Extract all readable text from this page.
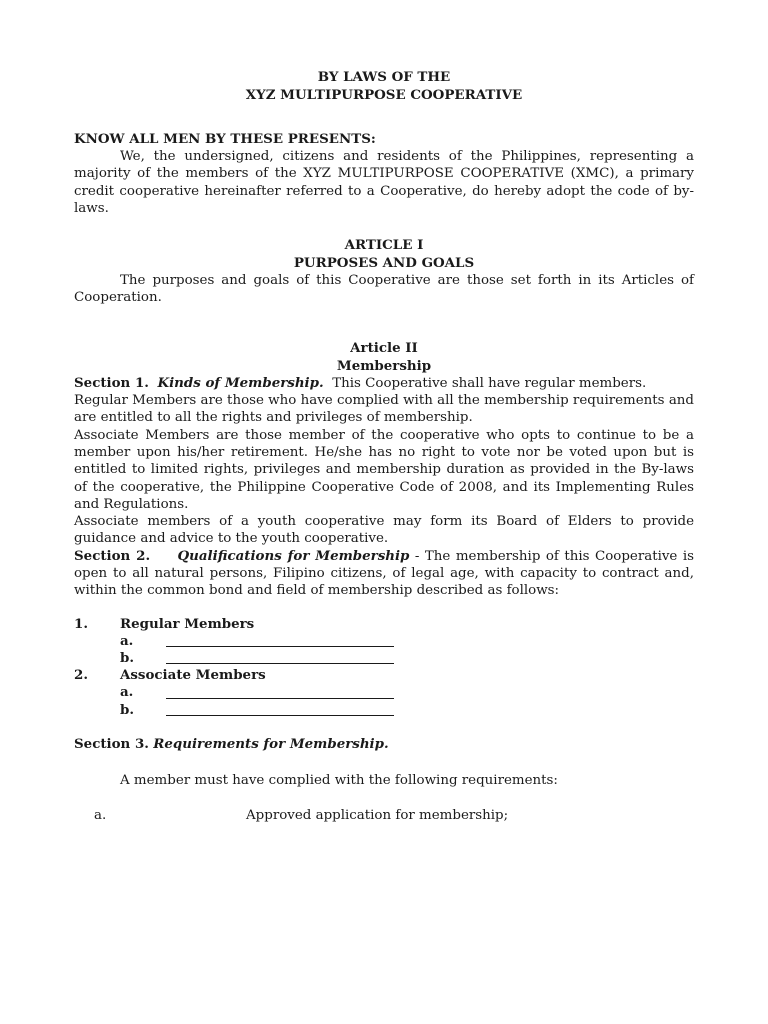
BY LAWS OF THE
XYZ MULTIPURPOSE COOPERATIVE
KNOW ALL MEN BY THESE PRESENTS:

We, the undersigned, citizens and residents of the Philippines, representing a majority of the members of the XYZ MULTIPURPOSE COOPERATIVE (XMC), a primary credit cooperative hereinafter referred to a Cooperative, do hereby adopt the code of by-laws.

ARTICLE I
PURPOSES AND GOALS

The purposes and goals of this Cooperative are those set forth in its Articles of Cooperation.

Article II
Membership

Section 1. Kinds of Membership. This Cooperative shall have regular members.

Regular Members are those who have complied with all the membership requirements and are entitled to all the rights and privileges of membership.

Associate Members are those member of the cooperative who opts to continue to be a member upon his/her retirement. He/she has no right to vote nor be voted upon but is entitled to limited rights, privileges and membership duration as provided in the By-laws of the cooperative, the Philippine Cooperative Code of 2008, and its Implementing Rules and Regulations.

Associate members of a youth cooperative may form its Board of Elders to provide guidance and advice to the youth cooperative.

Section 2. Qualifications for Membership - The membership of this Cooperative is open to all natural persons, Filipino citizens, of legal age, with capacity to contract and, within the common bond and field of membership described as follows:

1.	Regular Members
a.
b.
2.	Associate Members
a.
b.
Section 3. Requirements for Membership.
A member must have complied with the following requirements:
a.	Approved application for membership;
